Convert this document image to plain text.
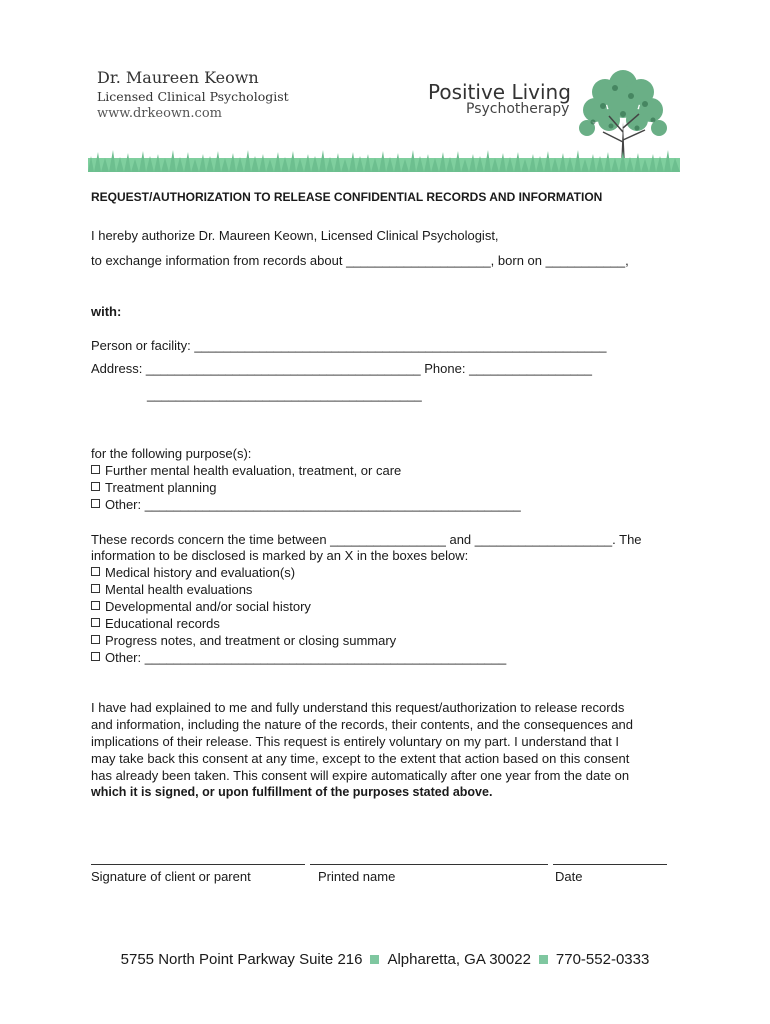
Dr. Maureen Keown
Licensed Clinical Psychologist
www.drkeown.com
Positive Living
Psychotherapy
REQUEST/AUTHORIZATION TO RELEASE CONFIDENTIAL RECORDS AND INFORMATION
I hereby authorize Dr. Maureen Keown, Licensed Clinical Psychologist,
to exchange information from records about ____________________, born on ___________,
with:
Person or facility: _________________________________________________________
Address: ______________________________________ Phone: _________________
______________________________________
for the following purpose(s):
Further mental health evaluation, treatment, or care
Treatment planning
Other: ____________________________________________________
These records concern the time between ________________ and ___________________. The
information to be disclosed is marked by an X in the boxes below:
Medical history and evaluation(s)
Mental health evaluations
Developmental and/or social history
Educational records
Progress notes, and treatment or closing summary
Other: __________________________________________________
I have had explained to me and fully understand this request/authorization to release records
and information, including the nature of the records, their contents, and the consequences and
implications of their release. This request is entirely voluntary on my part. I understand that I
may take back this consent at any time, except to the extent that action based on this consent
has already been taken. This consent will expire automatically after one year from the date on
which it is signed, or upon fulfillment of the purposes stated above.
Signature of client or parent	Printed name	Date
5755 North Point Parkway Suite 216 Alpharetta, GA 30022 770-552-0333
